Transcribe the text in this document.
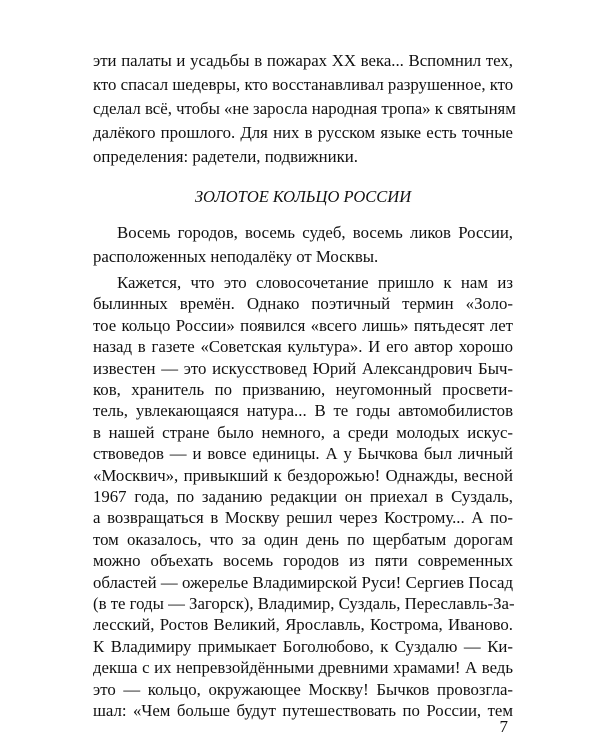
эти палаты и усадьбы в пожарах XX века... Вспомнил тех,
кто спасал шедевры, кто восстанавливал разрушенное, кто
сделал всё, чтобы «не заросла народная тропа» к святыням
далёкого прошлого. Для них в русском языке есть точные
определения: радетели, подвижники.
ЗОЛОТОЕ КОЛЬЦО РОССИИ
Восемь городов, восемь судеб, восемь ликов России,
расположенных неподалёку от Москвы.
Кажется, что это словосочетание пришло к нам из
былинных времён. Однако поэтичный термин «Золо-
тое кольцо России» появился «всего лишь» пятьдесят лет
назад в газете «Советская культура». И его автор хорошо
известен — это искусствовед Юрий Александрович Быч-
ков, хранитель по призванию, неугомонный просвети-
тель, увлекающаяся натура... В те годы автомобилистов
в нашей стране было немного, а среди молодых искус-
ствоведов — и вовсе единицы. А у Бычкова был личный
«Москвич», привыкший к бездорожью! Однажды, весной
1967 года, по заданию редакции он приехал в Суздаль,
а возвращаться в Москву решил через Кострому... А по-
том оказалось, что за один день по щербатым дорогам
можно объехать восемь городов из пяти современных
областей — ожерелье Владимирской Руси! Сергиев Посад
(в те годы — Загорск), Владимир, Суздаль, Переславль-За-
лесский, Ростов Великий, Ярославль, Кострома, Иваново.
К Владимиру примыкает Боголюбово, к Суздалю — Ки-
декша с их непревзойдёнными древними храмами! А ведь
это — кольцо, окружающее Москву! Бычков провозгла-
шал: «Чем больше будут путешествовать по России, тем
7
